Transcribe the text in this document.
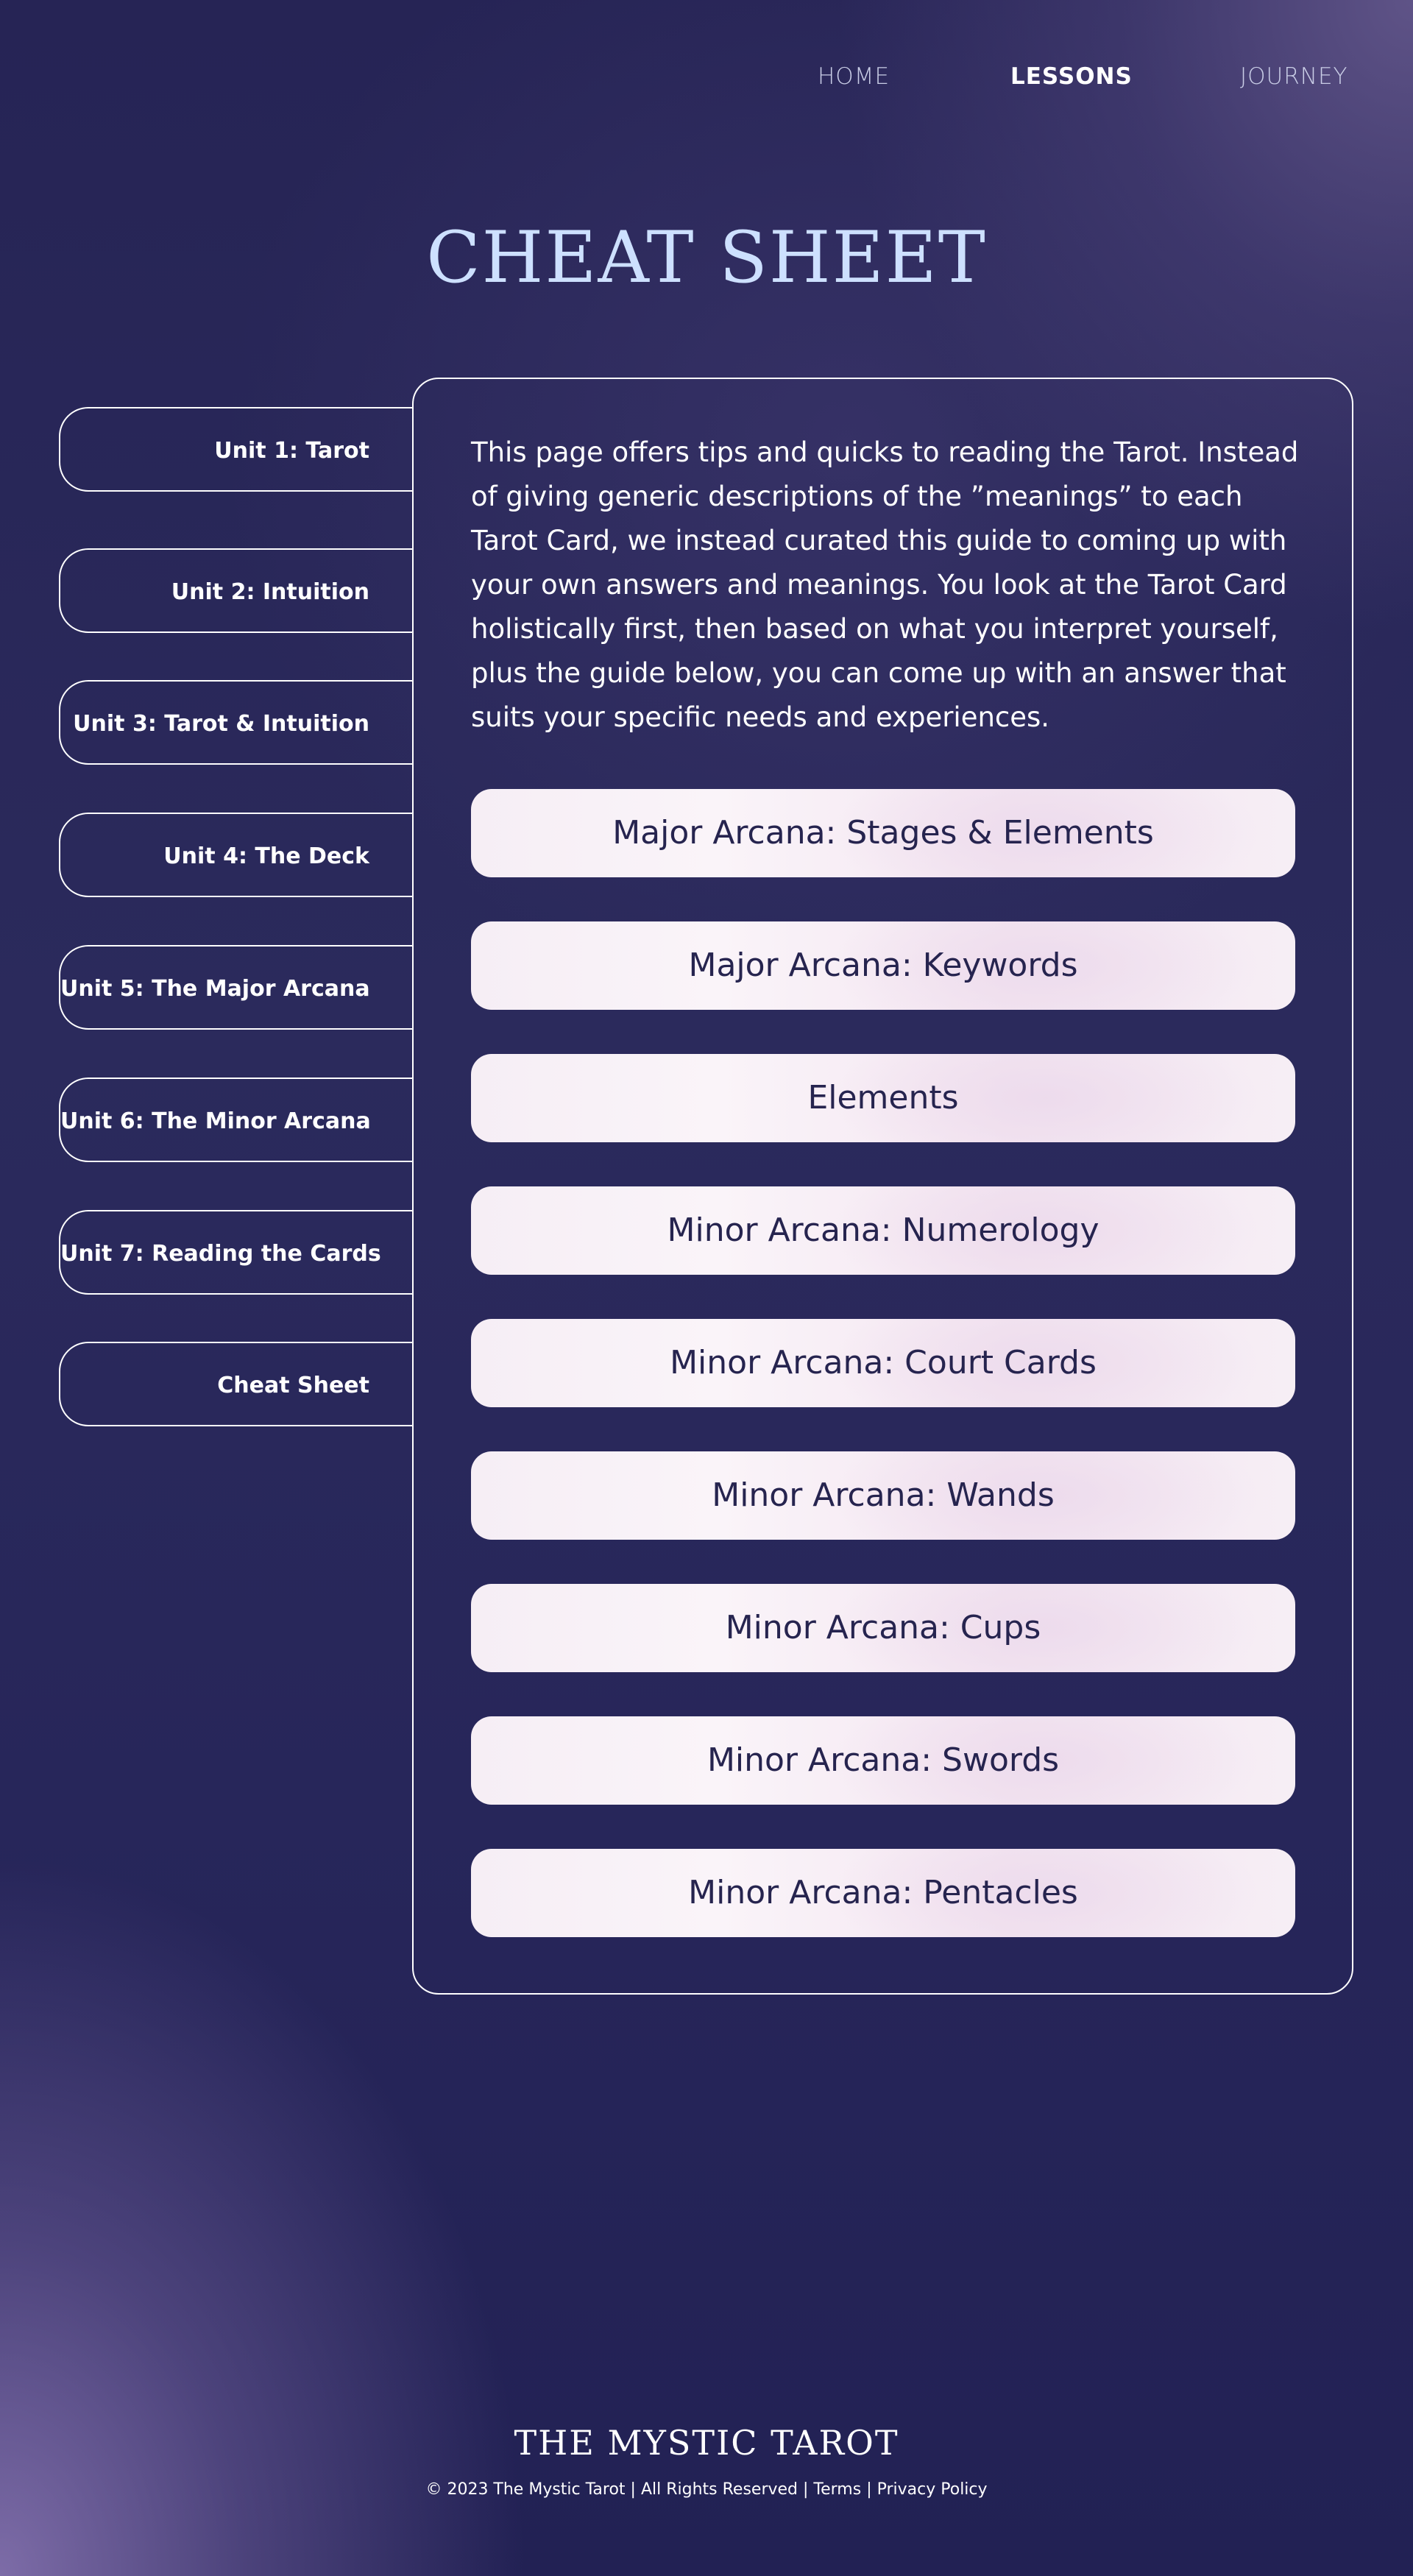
HOME	LESSONS	JOURNEY
CHEAT SHEET
Unit 1: Tarot
Unit 2: Intuition
Unit 3: Tarot & Intuition
Unit 4: The Deck
Unit 5: The Major Arcana
Unit 6: The Minor Arcana
Unit 7: Reading the Cards
Cheat Sheet

This page offers tips and quicks to reading the Tarot. Instead of giving generic descriptions of the ”meanings” to each Tarot Card, we instead curated this guide to coming up with your own answers and meanings. You look at the Tarot Card holistically first, then based on what you interpret yourself, plus the guide below, you can come up with an answer that suits your specific needs and experiences.

Major Arcana: Stages & Elements
Major Arcana: Keywords
Elements
Minor Arcana: Numerology
Minor Arcana: Court Cards
Minor Arcana: Wands
Minor Arcana: Cups
Minor Arcana: Swords
Minor Arcana: Pentacles
THE MYSTIC TAROT
© 2023 The Mystic Tarot | All Rights Reserved | Terms | Privacy Policy
